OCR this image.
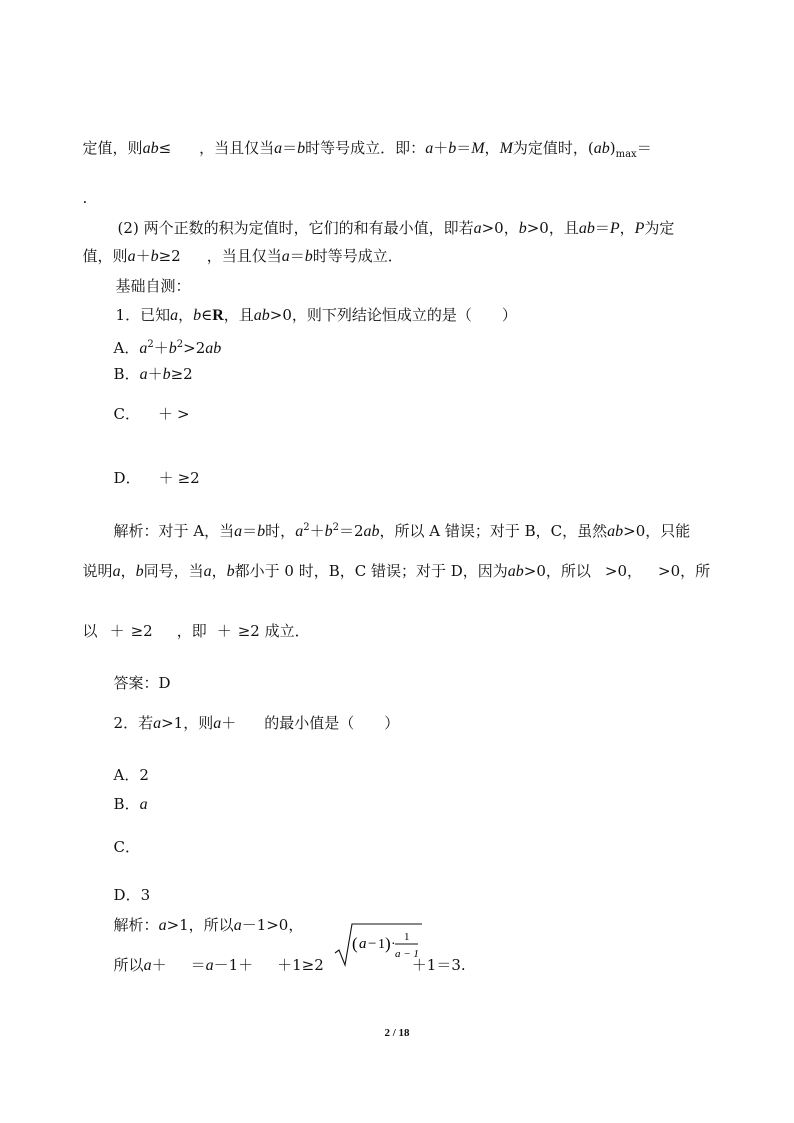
定值，则ab≤ ，当且仅当a＝b时等号成立．即：a＋b＝M，M为定值时，$(ab)_{max}=$

.

(2) 两个正数的积为定值时，它们的和有最小值，即若a>0，b>0，且ab＝P，P为定

值，则a＋b≥2 ，当且仅当a＝b时等号成立．

基础自测：

1．已知a，b∈R，且ab>0，则下列结论恒成立的是（　　）

A．$a^2+b^2>2ab$

B．a＋b≥2

C． ＋ >

D． ＋ ≥2

解析：对于 A，当a＝b时，$a^2+b^2=2ab$，所以 A 错误；对于 B，C，虽然ab>0，只能

说明a，b同号，当a，b都小于 0 时，B，C 错误；对于 D，因为ab>0，所以 >0， >0，所

以 ＋ ≥2 ，即 ＋ ≥2 成立．

答案：D

2．若a>1，则a＋ 的最小值是（　　）

A．2

B．a

C．

D．3

解析：a>1，所以a－1>0，

所以a＋ ＝a－1＋ ＋1≥2	＋1＝3.

( a − 1 ) · 1
a − 1
2 / 18
